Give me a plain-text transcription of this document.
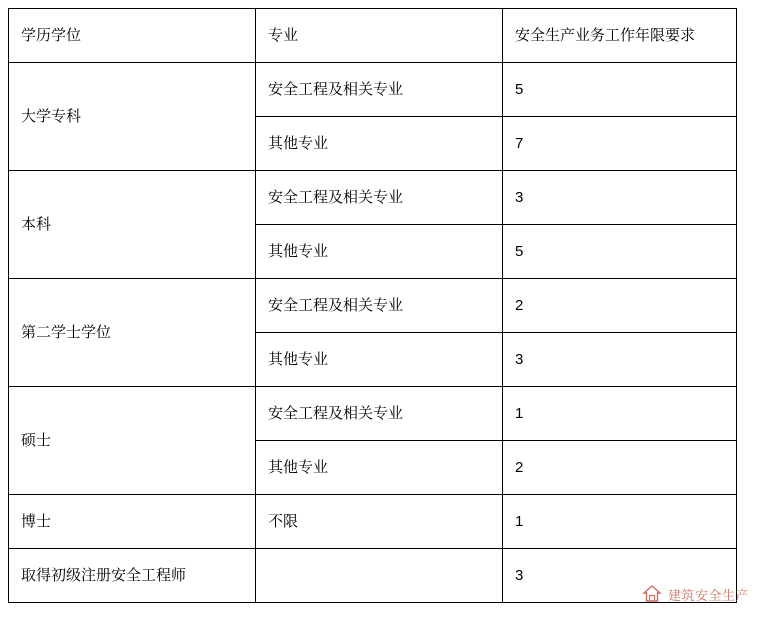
学历学位	专业	安全生产业务工作年限要求
大学专科	安全工程及相关专业	5
	其他专业	7
本科	安全工程及相关专业	3
	其他专业	5
第二学士学位	安全工程及相关专业	2
	其他专业	3
硕士	安全工程及相关专业	1
	其他专业	2
博士	不限	1
取得初级注册安全工程师		3
建筑安全生产
